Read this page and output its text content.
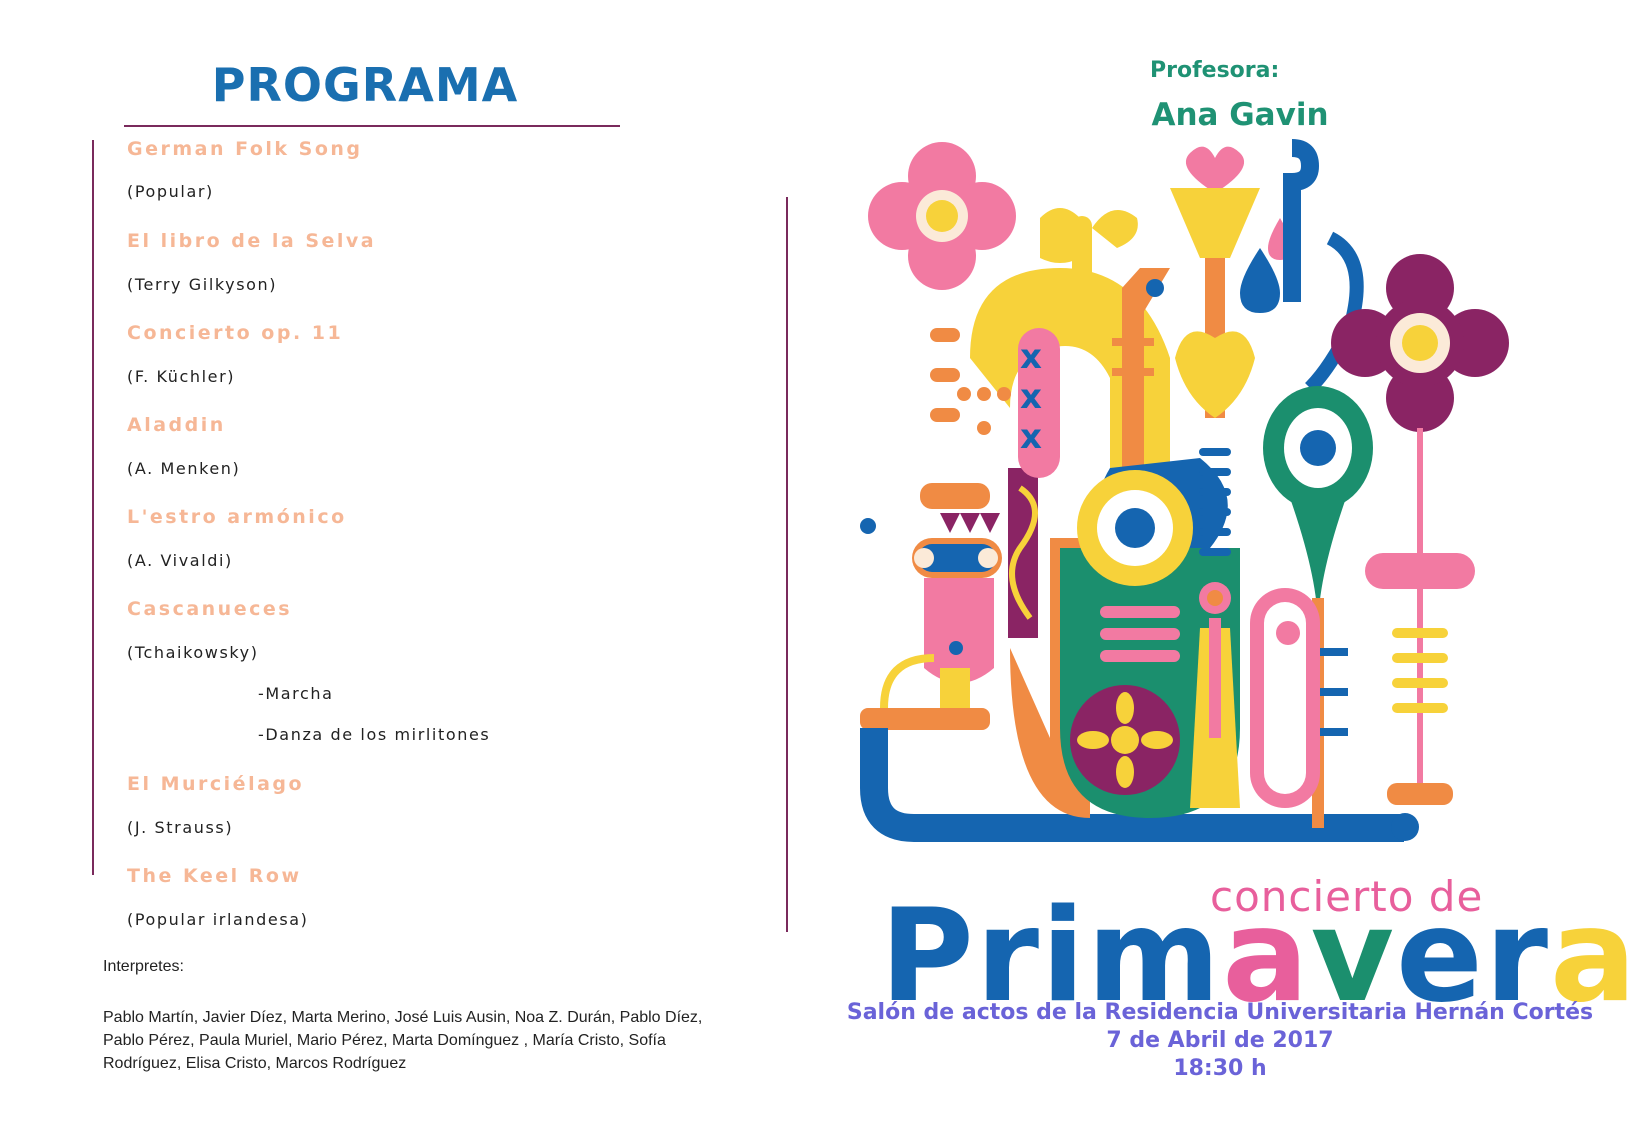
PROGRAMA
German Folk Song
(Popular)
El libro de la Selva
(Terry Gilkyson)
Concierto op. 11
(F. Küchler)
Aladdin
(A. Menken)
L'estro armónico
(A. Vivaldi)
Cascanueces
(Tchaikowsky)
-Marcha
-Danza de los mirlitones
El Murciélago
(J. Strauss)
The Keel Row
(Popular irlandesa)
Interpretes:
Pablo Martín, Javier Díez, Marta Merino, José Luis Ausin, Noa Z. Durán, Pablo Díez, Pablo Pérez, Paula Muriel, Mario Pérez, Marta Domínguez , María Cristo, Sofía Rodríguez, Elisa Cristo, Marcos Rodríguez
Profesora:
Ana Gavin
x
x
x
concierto de
Primavera
Salón de actos de la Residencia Universitaria Hernán Cortés
7 de Abril de 2017
18:30 h
